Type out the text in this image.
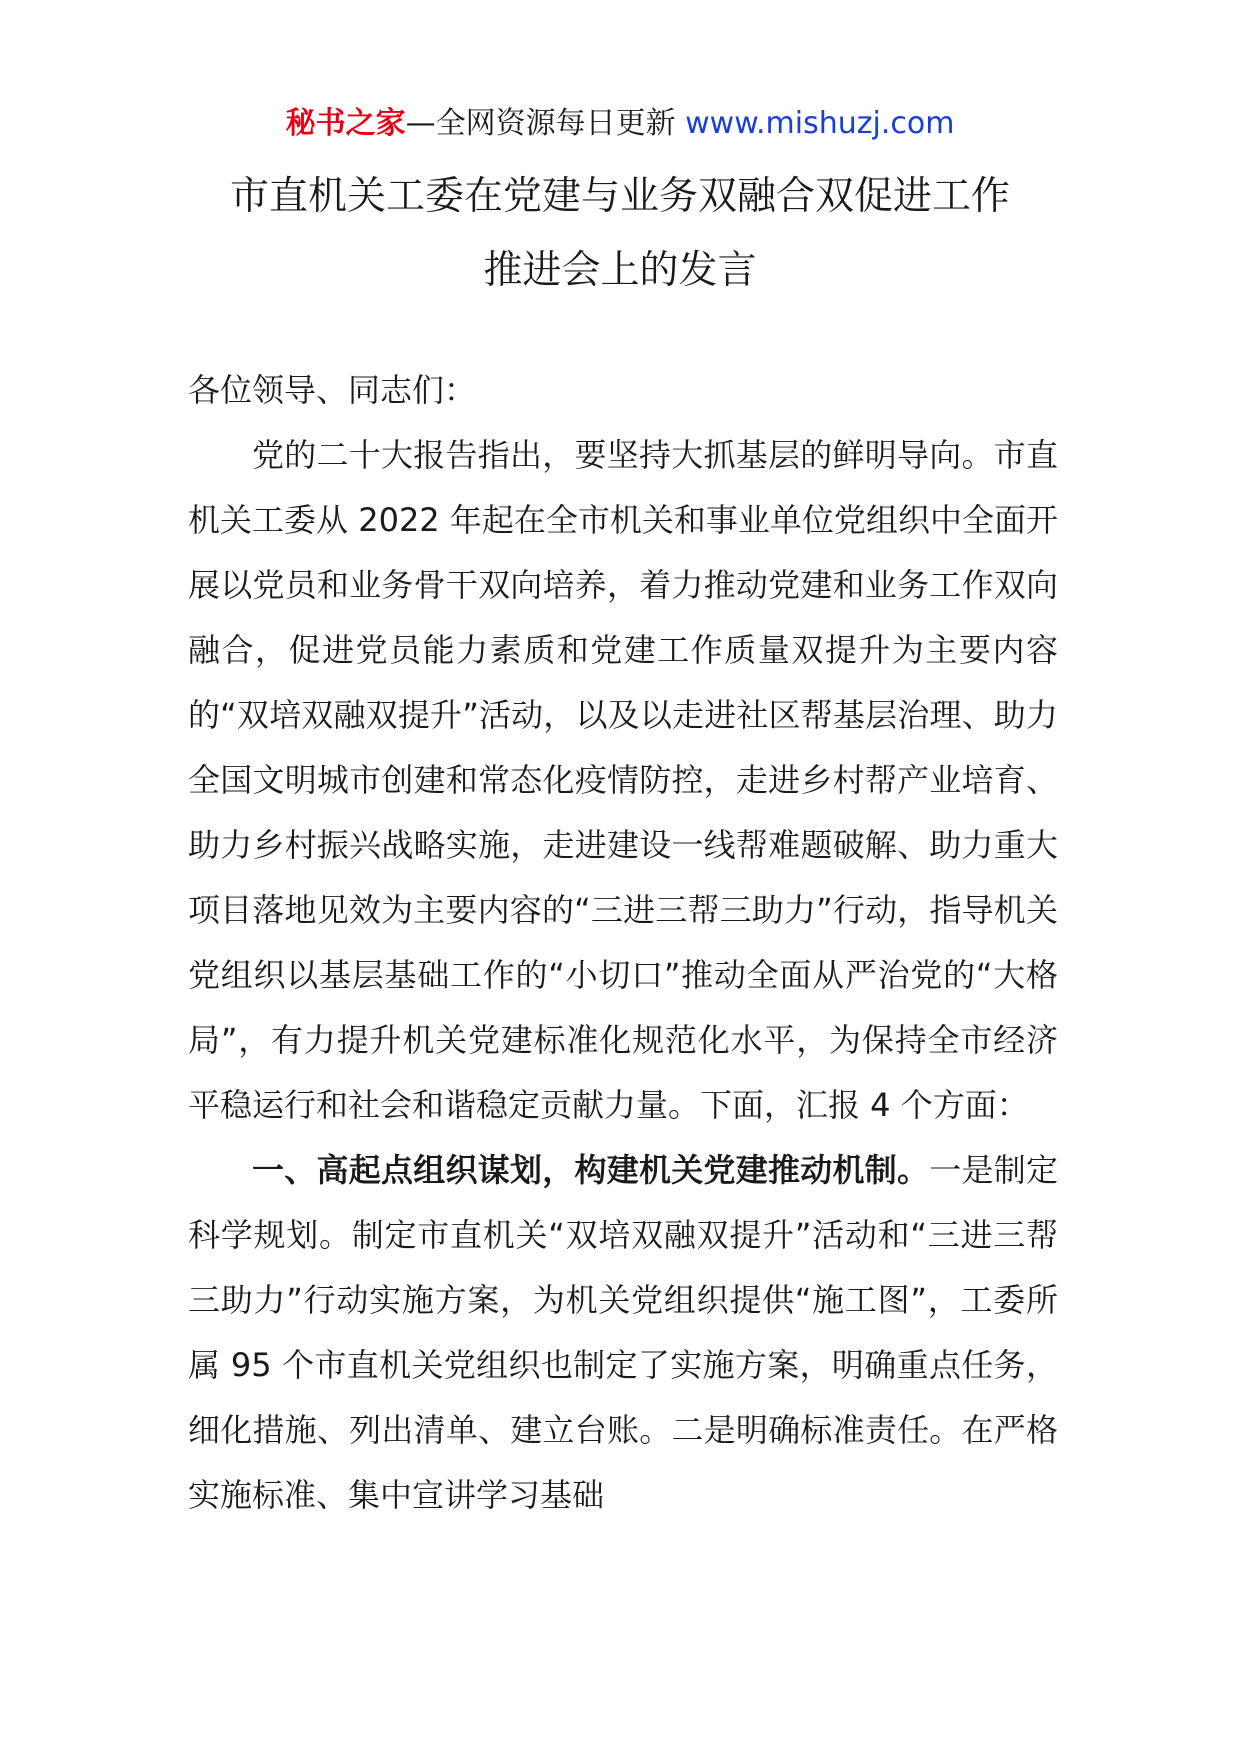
秘书之家—全网资源每日更新 www.mishuzj.com
市直机关工委在党建与业务双融合双促进工作
推进会上的发言

各位领导、同志们：

党的二十大报告指出，要坚持大抓基层的鲜明导向。市直机关工委从 2022 年起在全市机关和事业单位党组织中全面开展以党员和业务骨干双向培养，着力推动党建和业务工作双向融合，促进党员能力素质和党建工作质量双提升为主要内容的“双培双融双提升”活动，以及以走进社区帮基层治理、助力全国文明城市创建和常态化疫情防控，走进乡村帮产业培育、助力乡村振兴战略实施，走进建设一线帮难题破解、助力重大项目落地见效为主要内容的“三进三帮三助力”行动，指导机关党组织以基层基础工作的“小切口”推动全面从严治党的“大格局”，有力提升机关党建标准化规范化水平，为保持全市经济平稳运行和社会和谐稳定贡献力量。下面，汇报 4 个方面：

一、高起点组织谋划，构建机关党建推动机制。一是制定科学规划。制定市直机关“双培双融双提升”活动和“三进三帮三助力”行动实施方案，为机关党组织提供“施工图”，工委所属 95 个市直机关党组织也制定了实施方案，明确重点任务，细化措施、列出清单、建立台账。二是明确标准责任。在严格实施标准、集中宣讲学习基础
